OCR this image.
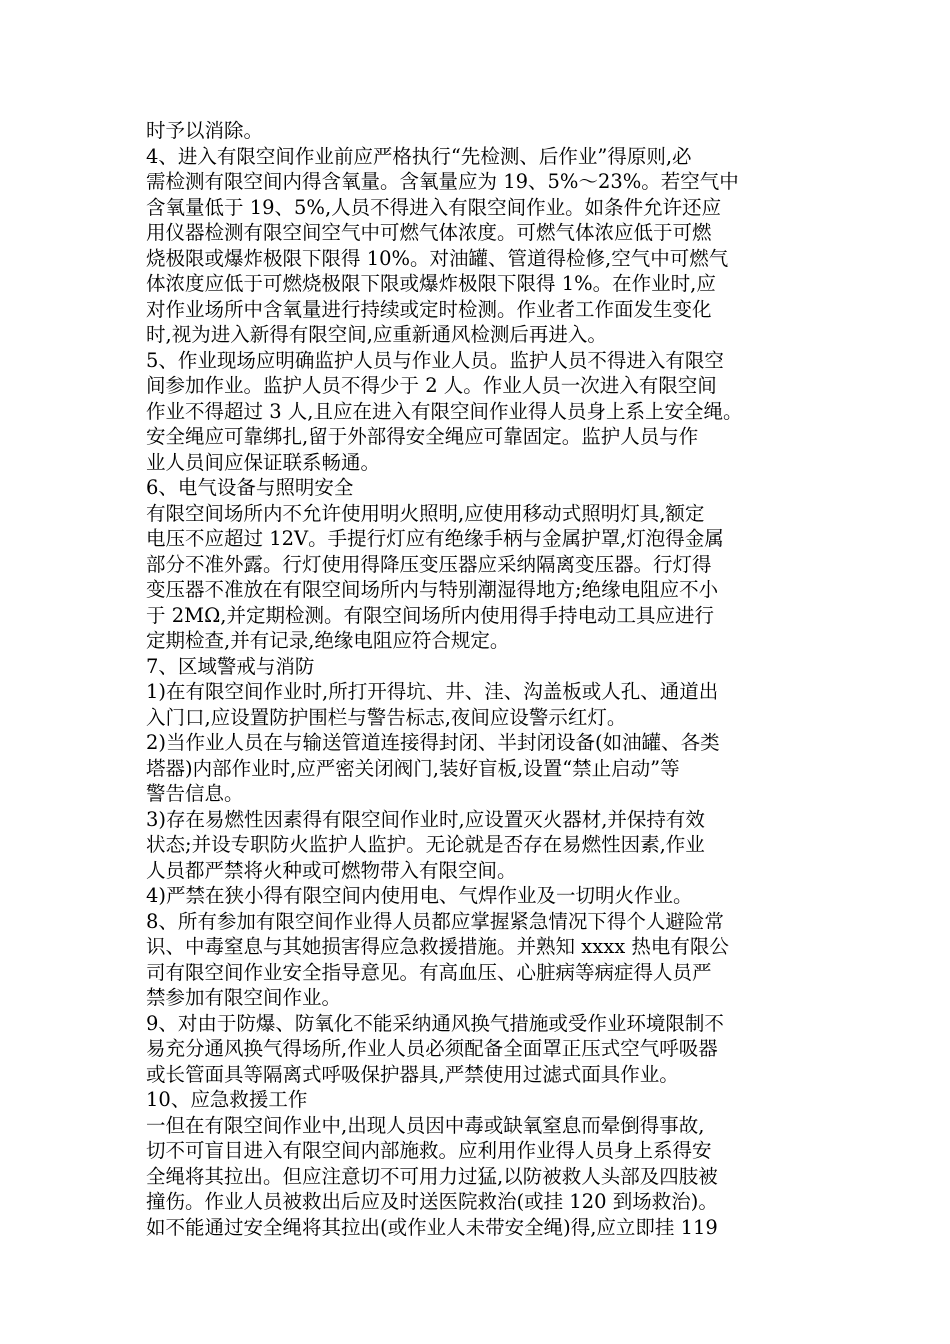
时予以消除。
4、进入有限空间作业前应严格执行“先检测、后作业”得原则,必
需检测有限空间内得含氧量。含氧量应为 19、5%～23%。若空气中
含氧量低于 19、5%,人员不得进入有限空间作业。如条件允许还应
用仪器检测有限空间空气中可燃气体浓度。可燃气体浓应低于可燃
烧极限或爆炸极限下限得 10%。对油罐、管道得检修,空气中可燃气
体浓度应低于可燃烧极限下限或爆炸极限下限得 1%。在作业时,应
对作业场所中含氧量进行持续或定时检测。作业者工作面发生变化
时,视为进入新得有限空间,应重新通风检测后再进入。
5、作业现场应明确监护人员与作业人员。监护人员不得进入有限空
间参加作业。监护人员不得少于 2 人。作业人员一次进入有限空间
作业不得超过 3 人,且应在进入有限空间作业得人员身上系上安全绳。
安全绳应可靠绑扎,留于外部得安全绳应可靠固定。监护人员与作
业人员间应保证联系畅通。
6、电气设备与照明安全
有限空间场所内不允许使用明火照明,应使用移动式照明灯具,额定
电压不应超过 12V。手提行灯应有绝缘手柄与金属护罩,灯泡得金属
部分不准外露。行灯使用得降压变压器应采纳隔离变压器。行灯得
变压器不准放在有限空间场所内与特别潮湿得地方;绝缘电阻应不小
于 2MΩ,并定期检测。有限空间场所内使用得手持电动工具应进行
定期检查,并有记录,绝缘电阻应符合规定。
7、区域警戒与消防
1)在有限空间作业时,所打开得坑、井、洼、沟盖板或人孔、通道出
入门口,应设置防护围栏与警告标志,夜间应设警示红灯。
2)当作业人员在与输送管道连接得封闭、半封闭设备(如油罐、各类
塔器)内部作业时,应严密关闭阀门,装好盲板,设置“禁止启动”等
警告信息。
3)存在易燃性因素得有限空间作业时,应设置灭火器材,并保持有效
状态;并设专职防火监护人监护。无论就是否存在易燃性因素,作业
人员都严禁将火种或可燃物带入有限空间。
4)严禁在狭小得有限空间内使用电、气焊作业及一切明火作业。
8、所有参加有限空间作业得人员都应掌握紧急情况下得个人避险常
识、中毒窒息与其她损害得应急救援措施。并熟知 xxxx 热电有限公
司有限空间作业安全指导意见。有高血压、心脏病等病症得人员严
禁参加有限空间作业。
9、对由于防爆、防氧化不能采纳通风换气措施或受作业环境限制不
易充分通风换气得场所,作业人员必须配备全面罩正压式空气呼吸器
或长管面具等隔离式呼吸保护器具,严禁使用过滤式面具作业。
10、应急救援工作
一但在有限空间作业中,出现人员因中毒或缺氧窒息而晕倒得事故,
切不可盲目进入有限空间内部施救。应利用作业得人员身上系得安
全绳将其拉出。但应注意切不可用力过猛,以防被救人头部及四肢被
撞伤。作业人员被救出后应及时送医院救治(或挂 120 到场救治)。
如不能通过安全绳将其拉出(或作业人未带安全绳)得,应立即挂 119
